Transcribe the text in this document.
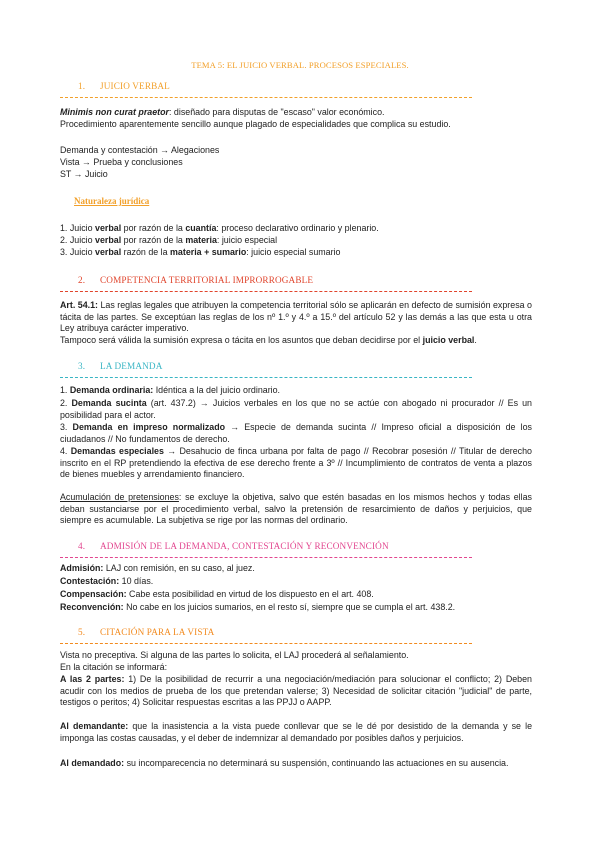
TEMA 5: EL JUICIO VERBAL. PROCESOS ESPECIALES.
1. JUICIO VERBAL
Minimis non curat praetor: diseñado para disputas de "escaso" valor económico.
Procedimiento aparentemente sencillo aunque plagado de especialidades que complica su estudio.
Demanda y contestación → Alegaciones
Vista → Prueba y conclusiones
ST → Juicio
Naturaleza jurídica
1. Juicio verbal por razón de la cuantía: proceso declarativo ordinario y plenario.
2. Juicio verbal por razón de la materia: juicio especial
3. Juicio verbal razón de la materia + sumario: juicio especial sumario
2. COMPETENCIA TERRITORIAL IMPRORROGABLE
Art. 54.1: Las reglas legales que atribuyen la competencia territorial sólo se aplicarán en defecto de sumisión expresa o tácita de las partes. Se exceptúan las reglas de los nº 1.º y 4.º a 15.º del artículo 52 y las demás a las que esta u otra Ley atribuya carácter imperativo.
Tampoco será válida la sumisión expresa o tácita en los asuntos que deban decidirse por el juicio verbal.
3. LA DEMANDA
1. Demanda ordinaria: Idéntica a la del juicio ordinario.
2. Demanda sucinta (art. 437.2) → Juicios verbales en los que no se actúe con abogado ni procurador // Es un posibilidad para el actor.
3. Demanda en impreso normalizado → Especie de demanda sucinta // Impreso oficial a disposición de los ciudadanos // No fundamentos de derecho.
4. Demandas especiales → Desahucio de finca urbana por falta de pago // Recobrar posesión // Titular de derecho inscrito en el RP pretendiendo la efectiva de ese derecho frente a 3º // Incumplimiento de contratos de venta a plazos de bienes muebles y arrendamiento financiero.
Acumulación de pretensiones: se excluye la objetiva, salvo que estén basadas en los mismos hechos y todas ellas deban sustanciarse por el procedimiento verbal, salvo la pretensión de resarcimiento de daños y perjuicios, que siempre es acumulable. La subjetiva se rige por las normas del ordinario.
4. ADMISIÓN DE LA DEMANDA, CONTESTACIÓN Y RECONVENCIÓN
Admisión: LAJ con remisión, en su caso, al juez.
Contestación: 10 días.
Compensación: Cabe esta posibilidad en virtud de los dispuesto en el art. 408.
Reconvención: No cabe en los juicios sumarios, en el resto sí, siempre que se cumpla el art. 438.2.
5. CITACIÓN PARA LA VISTA
Vista no preceptiva. Si alguna de las partes lo solicita, el LAJ procederá al señalamiento.
En la citación se informará:
A las 2 partes: 1) De la posibilidad de recurrir a una negociación/mediación para solucionar el conflicto; 2) Deben acudir con los medios de prueba de los que pretendan valerse; 3) Necesidad de solicitar citación "judicial" de parte, testigos o peritos; 4) Solicitar respuestas escritas a las PPJJ o AAPP.
Al demandante: que la inasistencia a la vista puede conllevar que se le dé por desistido de la demanda y se le imponga las costas causadas, y el deber de indemnizar al demandado por posibles daños y perjuicios.
Al demandado: su incomparecencia no determinará su suspensión, continuando las actuaciones en su ausencia.
